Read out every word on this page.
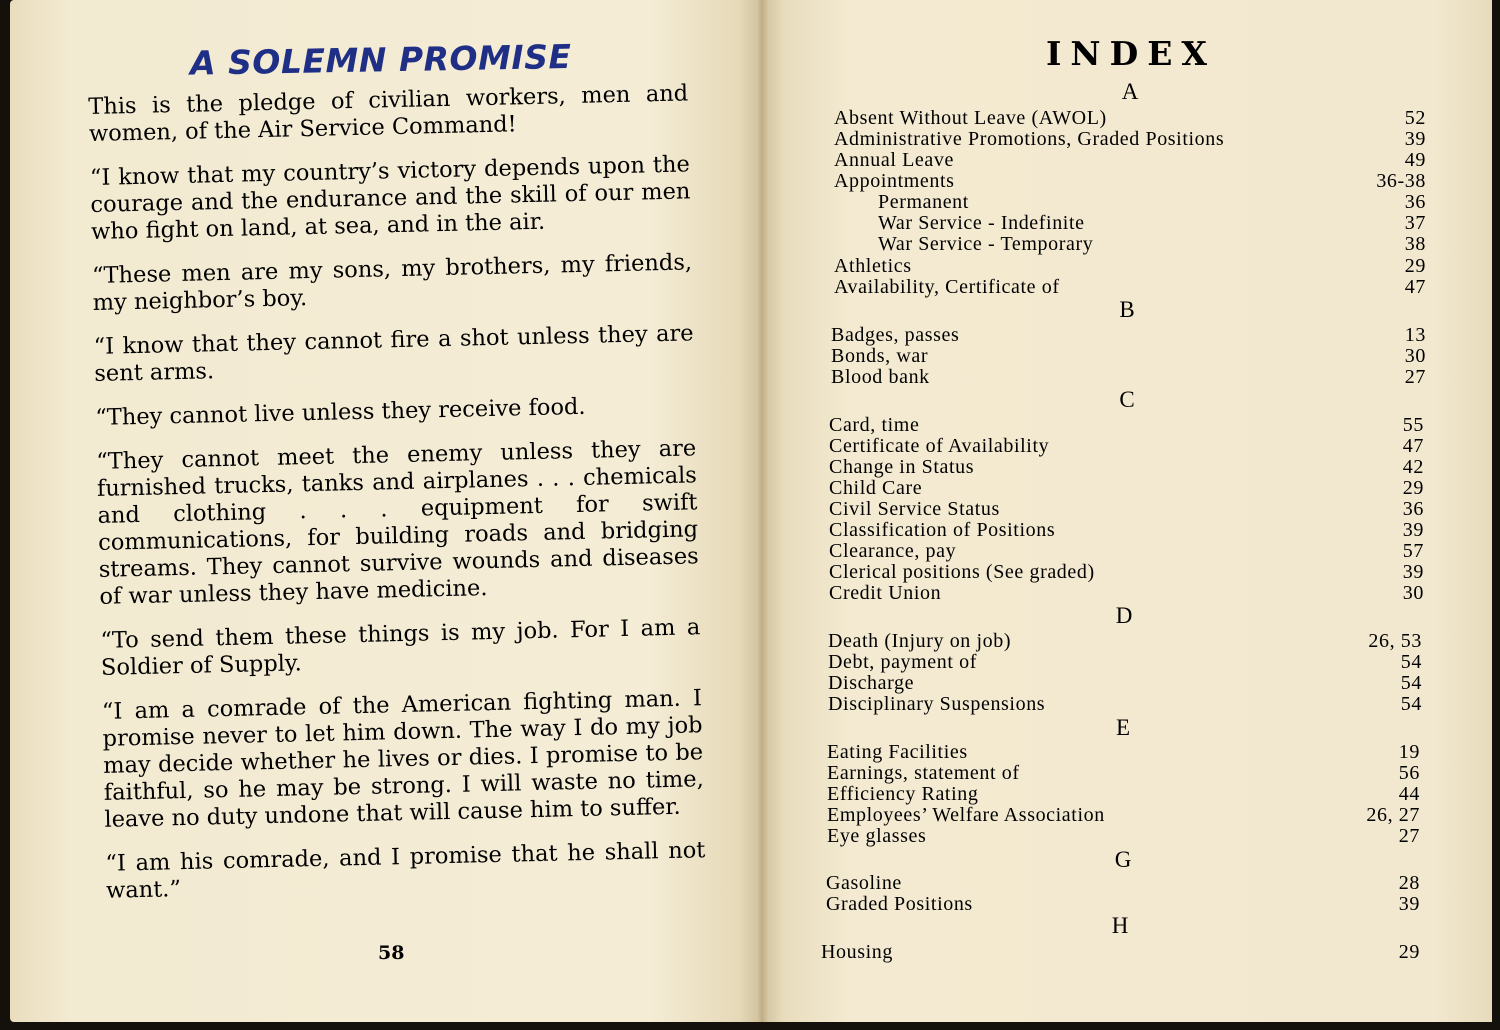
A SOLEMN PROMISE

This is the pledge of civilian workers, men and women, of the Air Service Command!

“I know that my country’s victory depends upon the courage and the endurance and the skill of our men who fight on land, at sea, and in the air.

“These men are my sons, my brothers, my friends, my neighbor’s boy.

“I know that they cannot fire a shot unless they are sent arms.

“They cannot live unless they receive food.

“They cannot meet the enemy unless they are furnished trucks, tanks and airplanes . . . chemicals and clothing . . . equipment for swift communications, for building roads and bridging streams. They cannot survive wounds and diseases of war unless they have medicine.

“To send them these things is my job. For I am a Soldier of Supply.

“I am a comrade of the American fighting man. I promise never to let him down. The way I do my job may decide whether he lives or dies. I promise to be faithful, so he may be strong. I will waste no time, leave no duty undone that will cause him to suffer.

“I am his comrade, and I promise that he shall not want.”

58
INDEX
A
Absent Without Leave (AWOL)	52
Administrative Promotions, Graded Positions	39
Annual Leave	49
Appointments	36-38
Permanent	36
War Service - Indefinite	37
War Service - Temporary	38
Athletics	29
Availability, Certificate of	47
B
Badges, passes	13
Bonds, war	30
Blood bank	27
C
Card, time	55
Certificate of Availability	47
Change in Status	42
Child Care	29
Civil Service Status	36
Classification of Positions	39
Clearance, pay	57
Clerical positions (See graded)	39
Credit Union	30
D
Death (Injury on job)	26, 53
Debt, payment of	54
Discharge	54
Disciplinary Suspensions	54
E
Eating Facilities	19
Earnings, statement of	56
Efficiency Rating	44
Employees’ Welfare Association	26, 27
Eye glasses	27
G
Gasoline	28
Graded Positions	39
H
Housing	29
